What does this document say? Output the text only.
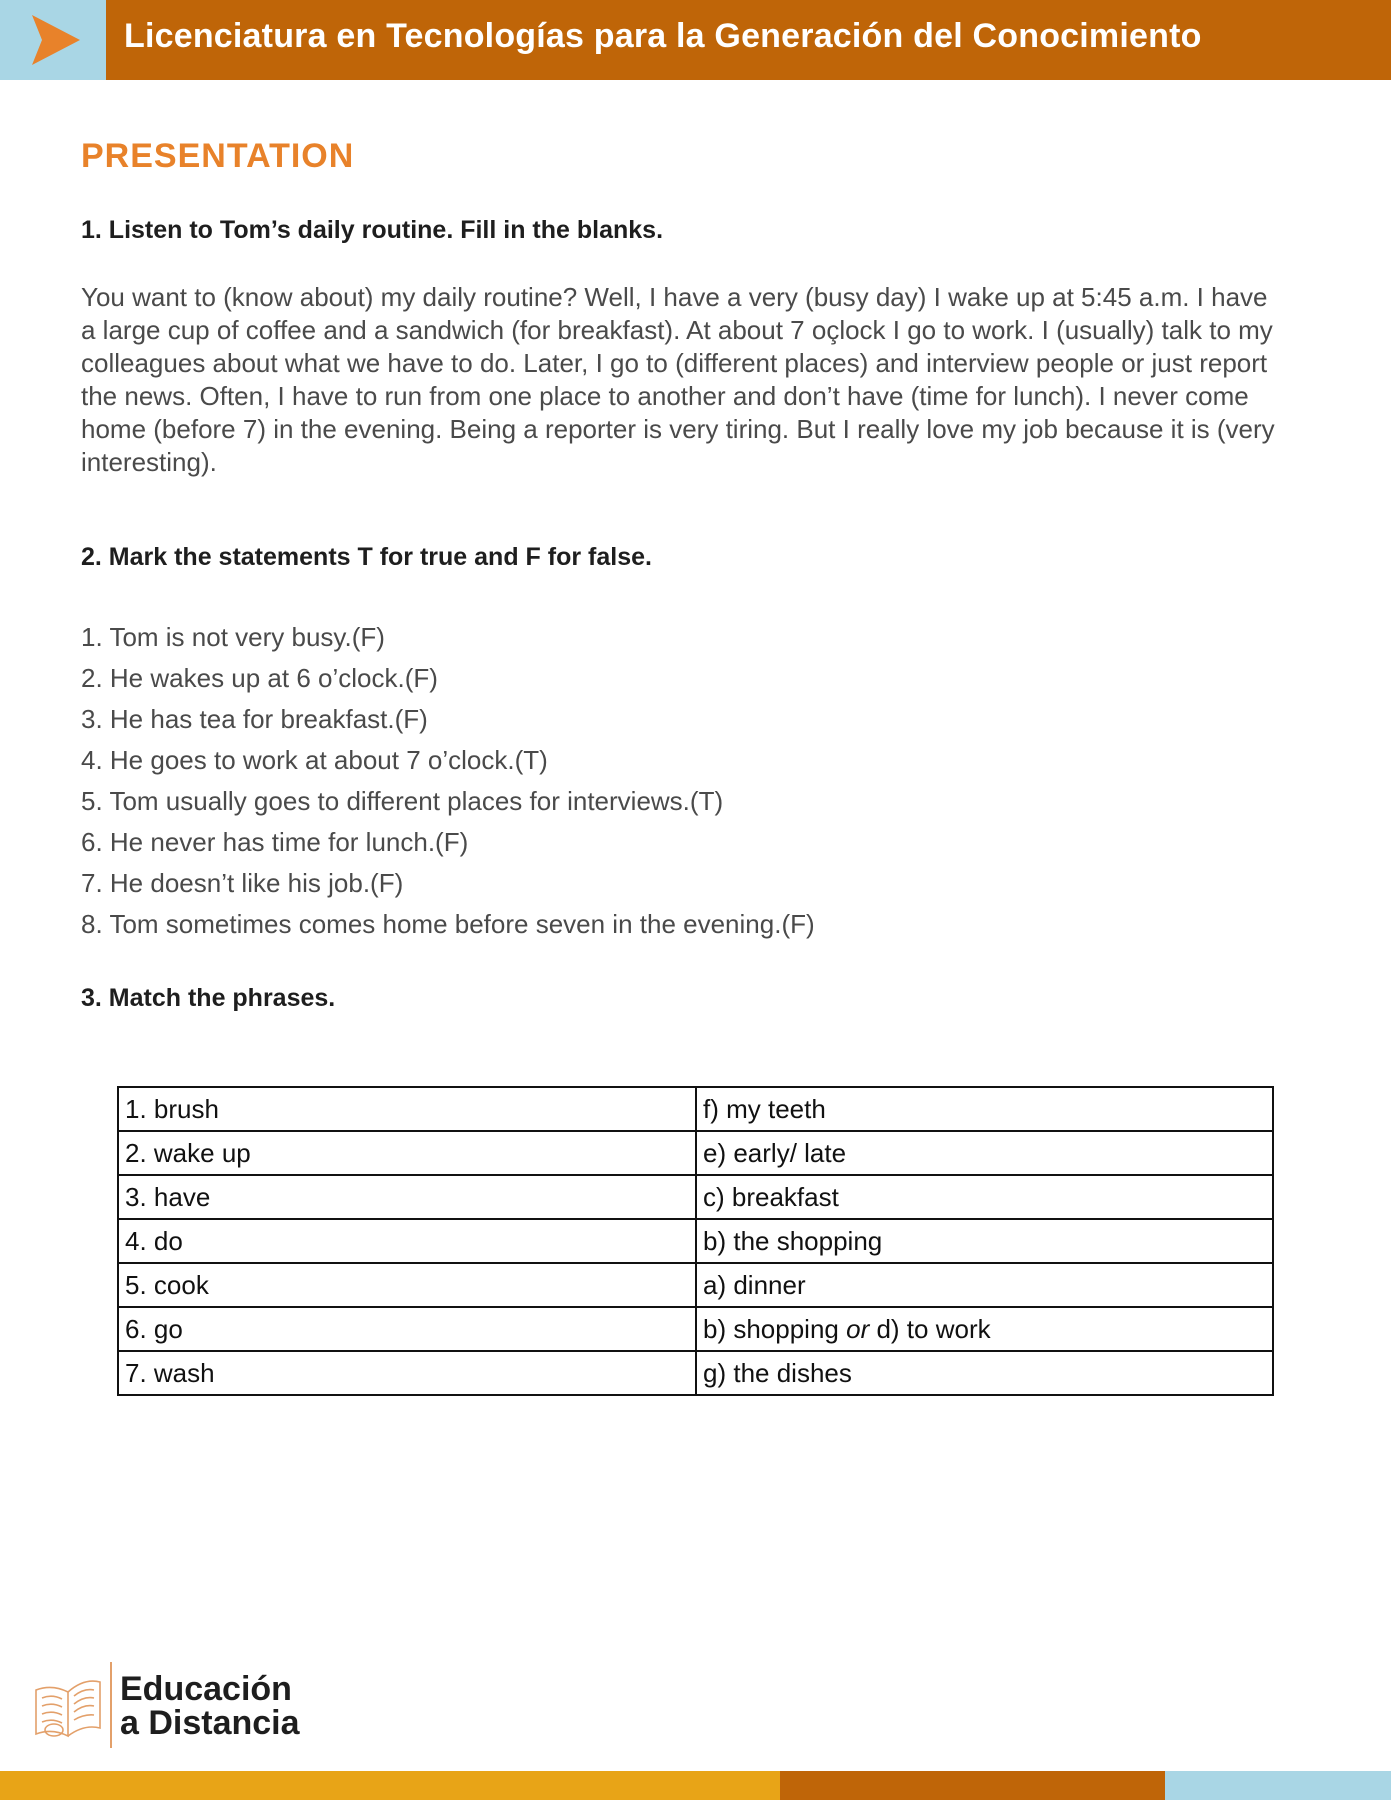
Licenciatura en Tecnologías para la Generación del Conocimiento
PRESENTATION

1. Listen to Tom’s daily routine. Fill in the blanks.

You want to (know about) my daily routine? Well, I have a very (busy day) I wake up at 5:45 a.m. I have a large cup of coffee and a sandwich (for breakfast). At about 7 oçlock I go to work. I (usually) talk to my colleagues about what we have to do. Later, I go to (different places) and interview people or just report the news. Often, I have to run from one place to another and don’t have (time for lunch). I never come home (before 7) in the evening. Being a reporter is very tiring. But I really love my job because it is (very interesting).

2. Mark the statements T for true and F for false.

1. Tom is not very busy.(F)
2. He wakes up at 6 o’clock.(F)
3. He has tea for breakfast.(F)
4. He goes to work at about 7 o’clock.(T)
5. Tom usually goes to different places for interviews.(T)
6. He never has time for lunch.(F)
7. He doesn’t like his job.(F)
8. Tom sometimes comes home before seven in the evening.(F)

3. Match the phrases.

1. brush	f) my teeth
2. wake up	e) early/ late
3. have	c) breakfast
4. do	b) the shopping
5. cook	a) dinner
6. go	b) shopping or d) to work
7. wash	g) the dishes
Educación
a Distancia
